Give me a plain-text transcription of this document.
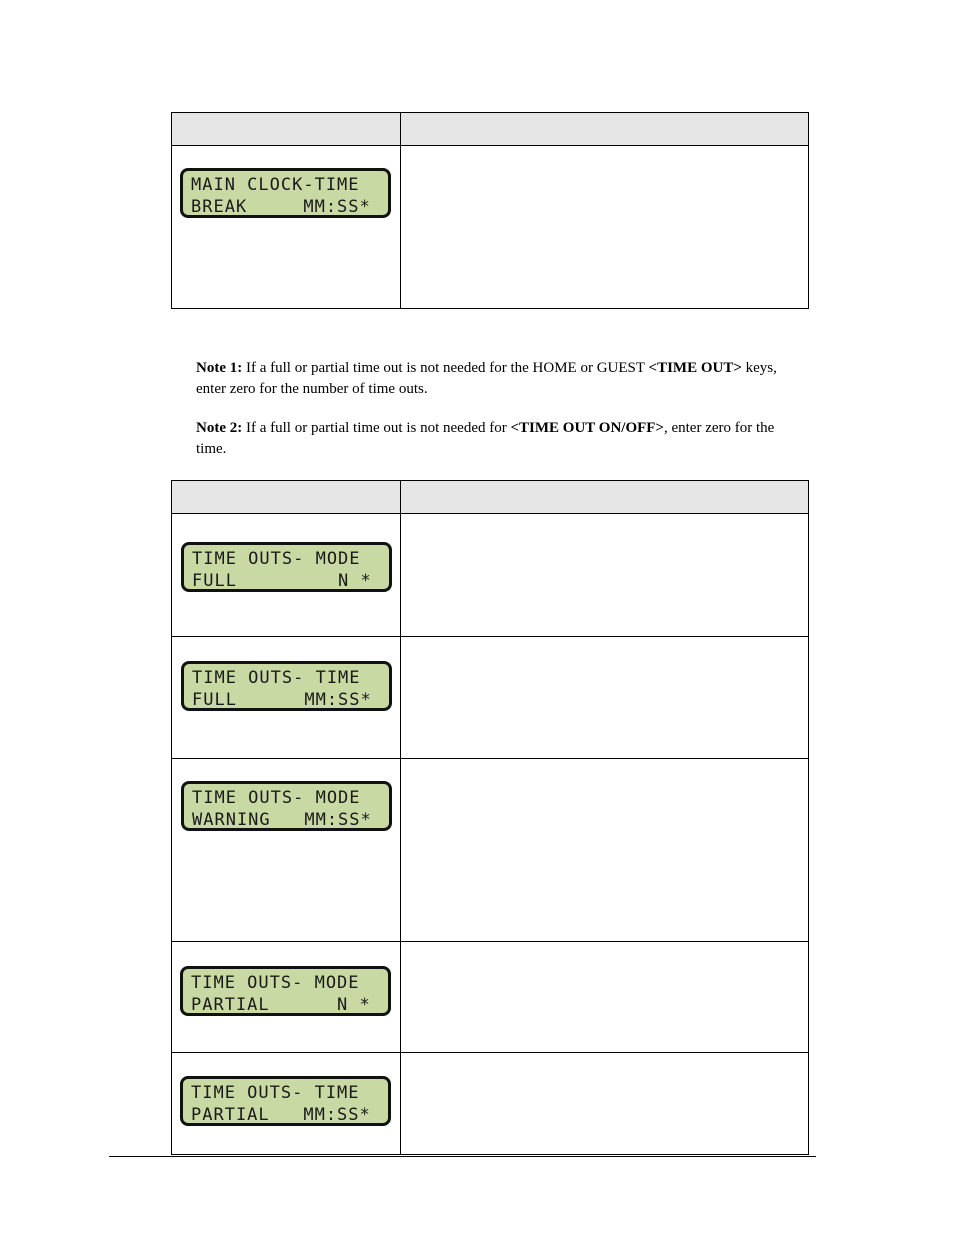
MAIN CLOCK-TIME
BREAK     MM:SS*	

Note 1: If a full or partial time out is not needed for the HOME or GUEST <TIME OUT> keys, enter zero for the number of time outs.
Note 2: If a full or partial time out is not needed for <TIME OUT ON/OFF>, enter zero for the time.

TIME OUTS- MODE
FULL         N *	

TIME OUTS- TIME
FULL      MM:SS*	

TIME OUTS- MODE
WARNING   MM:SS*	

TIME OUTS- MODE
PARTIAL      N *	

TIME OUTS- TIME
PARTIAL   MM:SS*	
